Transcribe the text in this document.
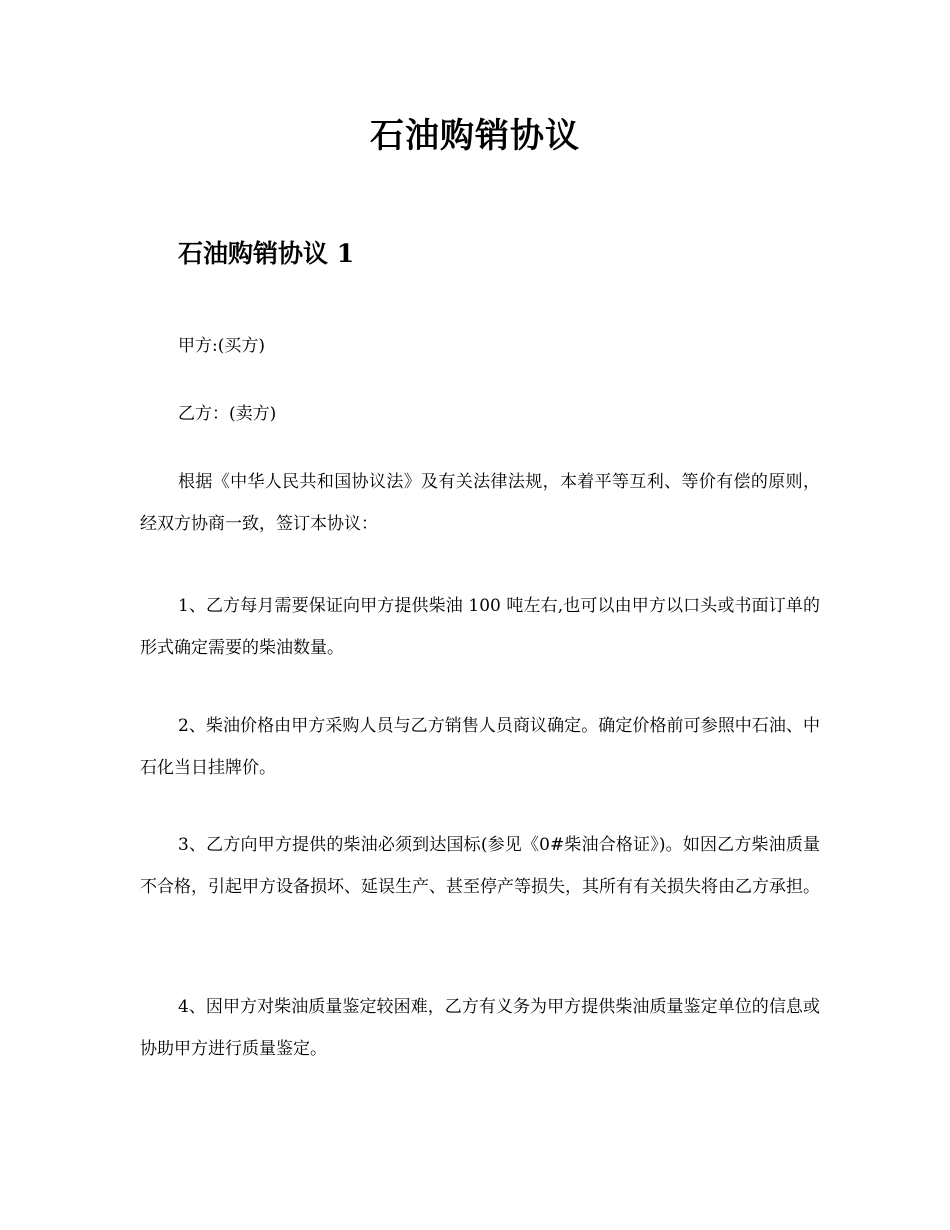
石油购销协议
石油购销协议 1

甲方:(买方)

乙方：(卖方)

根据《中华人民共和国协议法》及有关法律法规，本着平等互利、等价有偿的原则，经双方协商一致，签订本协议：

1、乙方每月需要保证向甲方提供柴油 100 吨左右,也可以由甲方以口头或书面订单的形式确定需要的柴油数量。

2、柴油价格由甲方采购人员与乙方销售人员商议确定。确定价格前可参照中石油、中石化当日挂牌价。

3、乙方向甲方提供的柴油必须到达国标(参见《0#柴油合格证》)。如因乙方柴油质量不合格，引起甲方设备损坏、延误生产、甚至停产等损失，其所有有关损失将由乙方承担。

4、因甲方对柴油质量鉴定较困难，乙方有义务为甲方提供柴油质量鉴定单位的信息或协助甲方进行质量鉴定。
